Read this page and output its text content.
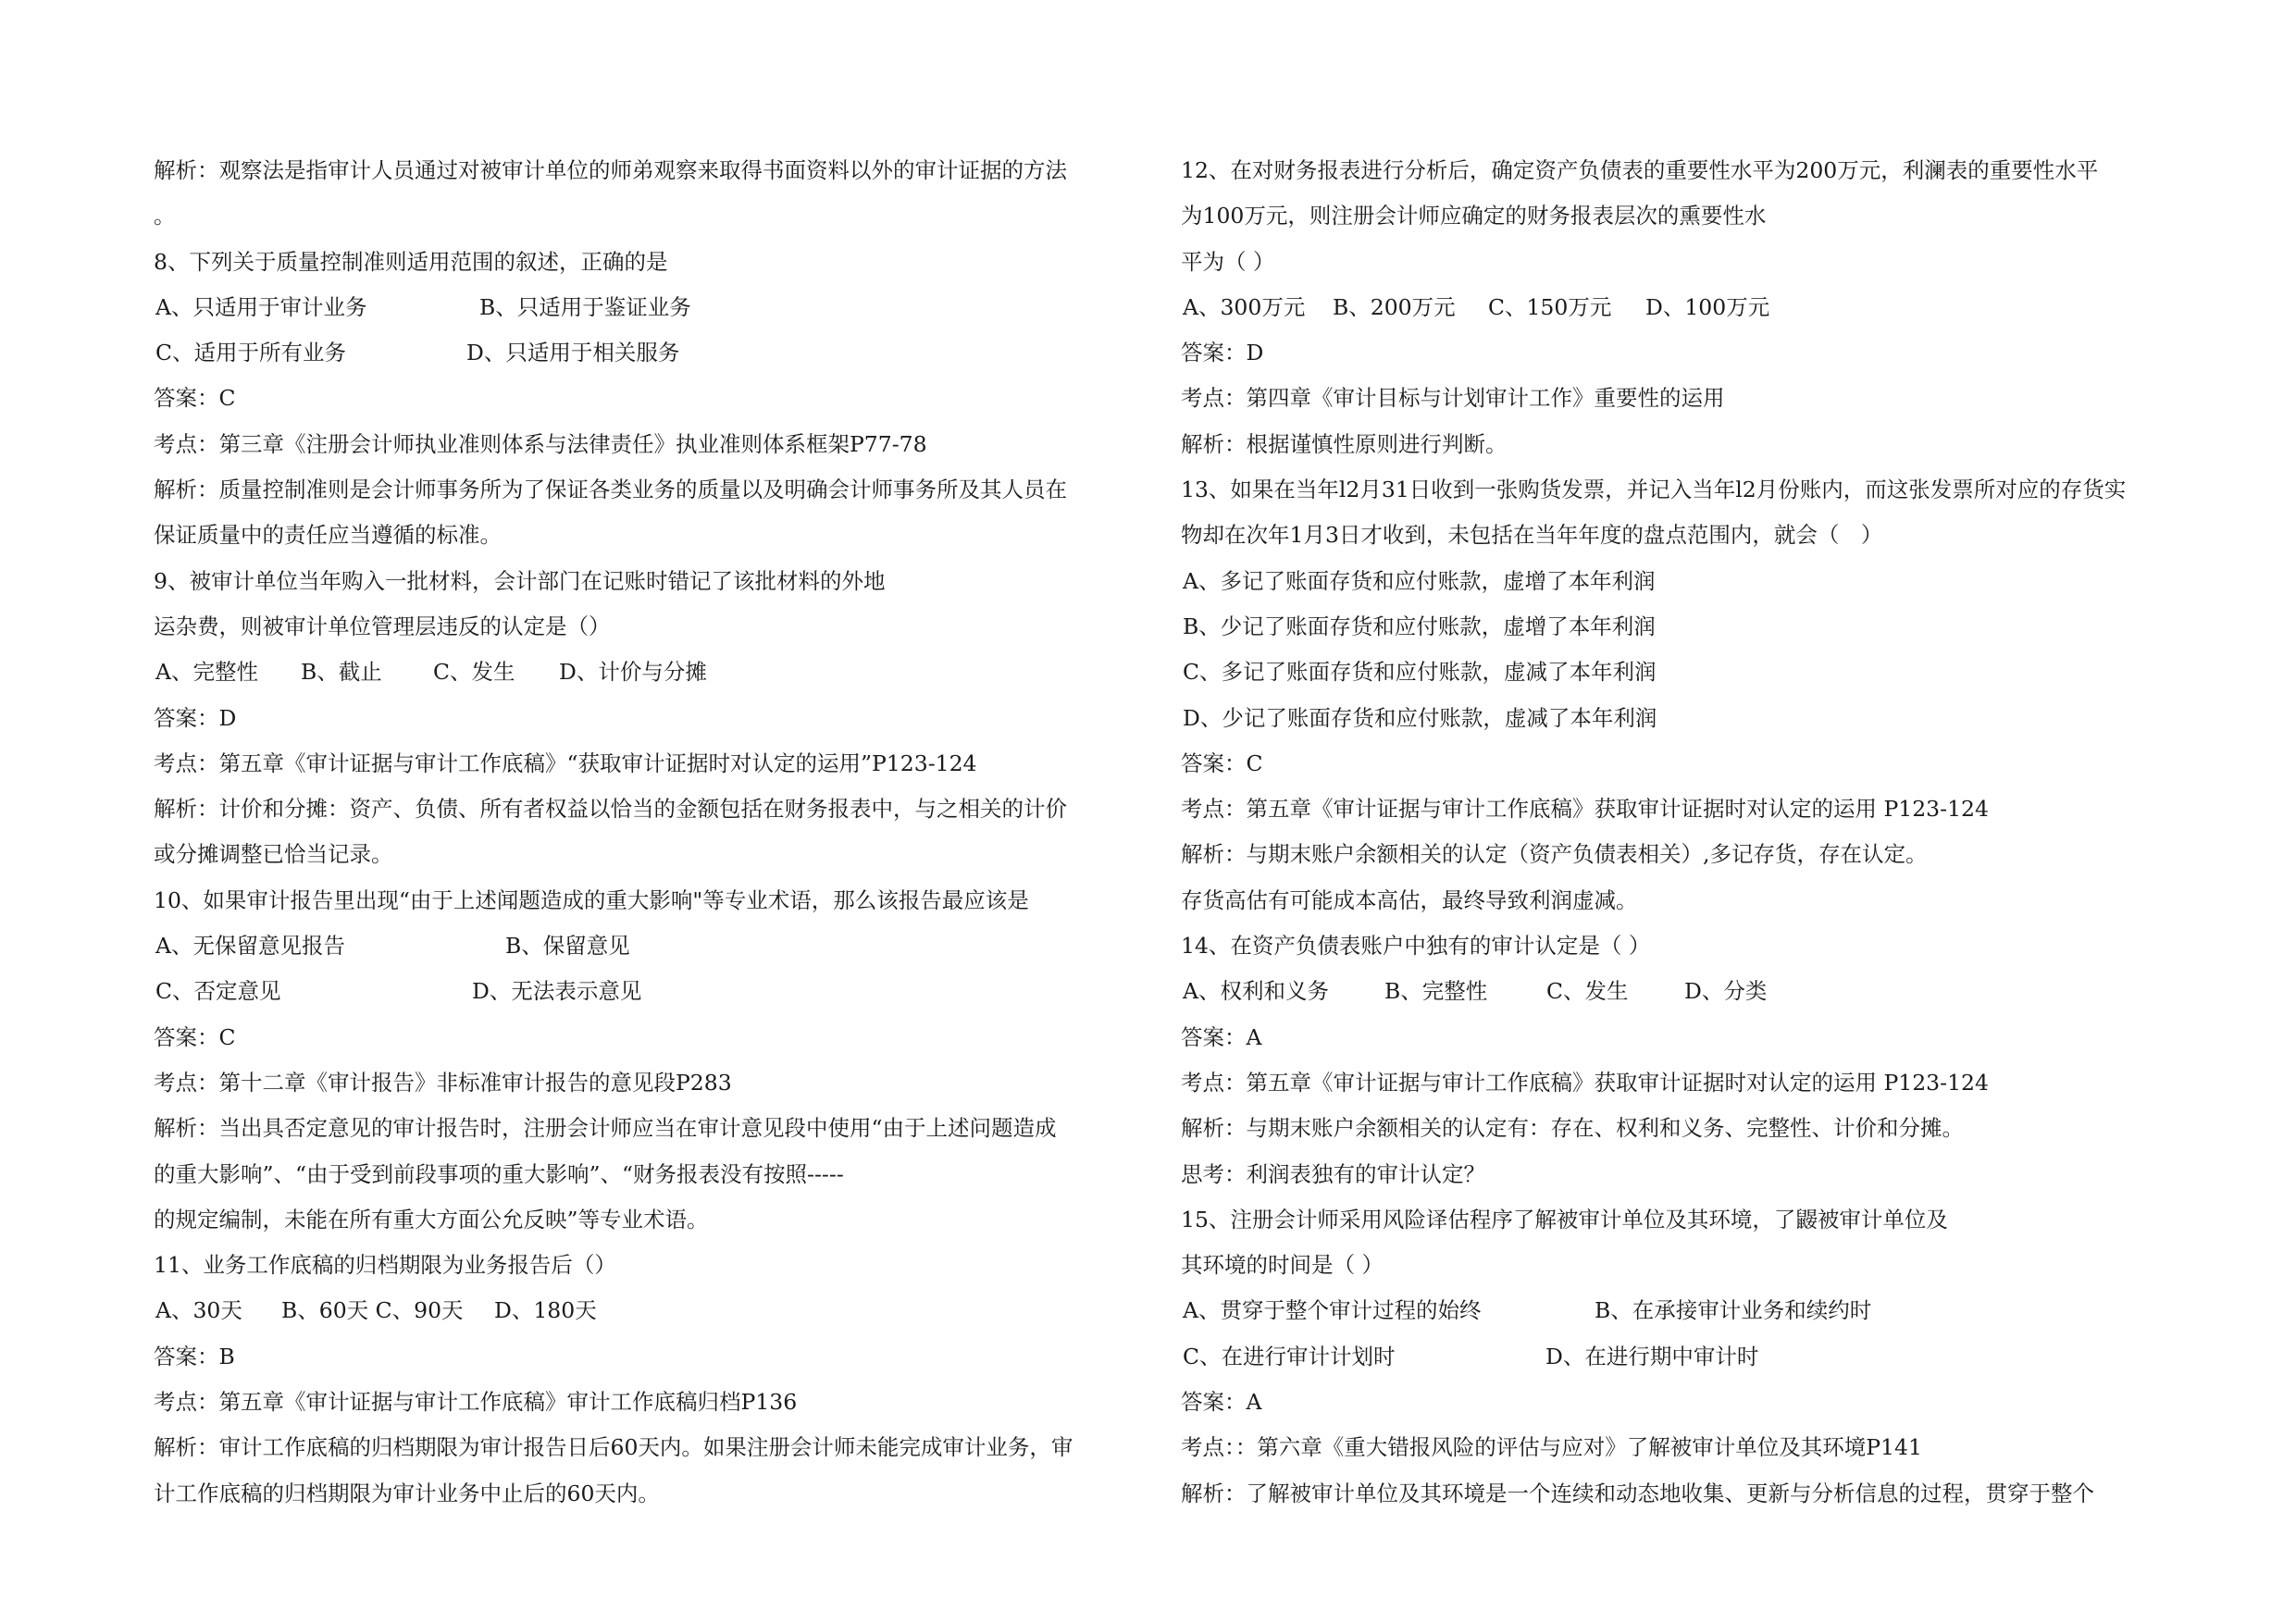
解析：观察法是指审计人员通过对被审计单位的师弟观察来取得书面资料以外的审计证据的方法
。
8、下列关于质量控制准则适用范围的叙述，正确的是
A、只适用于审计业务	B、只适用于鉴证业务
C、适用于所有业务	D、只适用于相关服务
答案：C
考点：第三章《注册会计师执业准则体系与法律责任》执业准则体系框架P77-78
解析：质量控制准则是会计师事务所为了保证各类业务的质量以及明确会计师事务所及其人员在
保证质量中的责任应当遵循的标准。
9、被审计单位当年购入一批材料，会计部门在记账时错记了该批材料的外地
运杂费，则被审计单位管理层违反的认定是（）
A、完整性	B、截止	C、发生	D、计价与分摊
答案：D
考点：第五章《审计证据与审计工作底稿》“获取审计证据时对认定的运用”P123-124
解析：计价和分摊：资产、负债、所有者权益以恰当的金额包括在财务报表中，与之相关的计价
或分摊调整已恰当记录。
10、如果审计报告里出现“由于上述闻题造成的重大影响"等专业术语，那么该报告最应该是
A、无保留意见报告	B、保留意见
C、否定意见	D、无法表示意见
答案：C
考点：第十二章《审计报告》非标准审计报告的意见段P283
解析：当出具否定意见的审计报告时，注册会计师应当在审计意见段中使用“由于上述问题造成
的重大影响”、“由于受到前段事项的重大影响”、“财务报表没有按照-----
的规定编制，未能在所有重大方面公允反映”等专业术语。
11、业务工作底稿的归档期限为业务报告后（）
A、30天	B、60天 C、90天	D、180天
答案：B
考点：第五章《审计证据与审计工作底稿》审计工作底稿归档P136
解析：审计工作底稿的归档期限为审计报告日后60天内。如果注册会计师未能完成审计业务，审
计工作底稿的归档期限为审计业务中止后的60天内。
12、在对财务报表进行分析后，确定资产负债表的重要性水平为200万元，利澜表的重要性水平
为100万元，则注册会计师应确定的财务报表层次的熏要性水
平为（ ）
A、300万元	B、200万元	C、150万元	D、100万元
答案：D
考点：第四章《审计目标与计划审计工作》重要性的运用
解析：根据谨慎性原则进行判断。
13、如果在当年l2月31日收到一张购货发票，并记入当年l2月份账内，而这张发票所对应的存货实
物却在次年1月3日才收到，未包括在当年年度的盘点范围内，就会（　）
A、多记了账面存货和应付账款，虚增了本年利润
B、少记了账面存货和应付账款，虚增了本年利润
C、多记了账面存货和应付账款，虚减了本年利润
D、少记了账面存货和应付账款，虚减了本年利润
答案：C
考点：第五章《审计证据与审计工作底稿》获取审计证据时对认定的运用 P123-124
解析：与期末账户余额相关的认定（资产负债表相关）,多记存货，存在认定。
存货高估有可能成本高估，最终导致利润虚减。
14、在资产负债表账户中独有的审计认定是（ ）
A、权利和义务	B、完整性	C、发生	D、分类
答案：A
考点：第五章《审计证据与审计工作底稿》获取审计证据时对认定的运用 P123-124
解析：与期末账户余额相关的认定有：存在、权利和义务、完整性、计价和分摊。
思考：利润表独有的审计认定？
15、注册会计师采用风险译估程序了解被审计单位及其环境，了鼹被审计单位及
其环境的时间是（ ）
A、贯穿于整个审计过程的始终	B、在承接审计业务和续约时
C、在进行审计计划时	D、在进行期中审计时
答案：A
考点：：第六章《重大错报风险的评估与应对》了解被审计单位及其环境P141
解析：了解被审计单位及其环境是一个连续和动态地收集、更新与分析信息的过程，贯穿于整个
